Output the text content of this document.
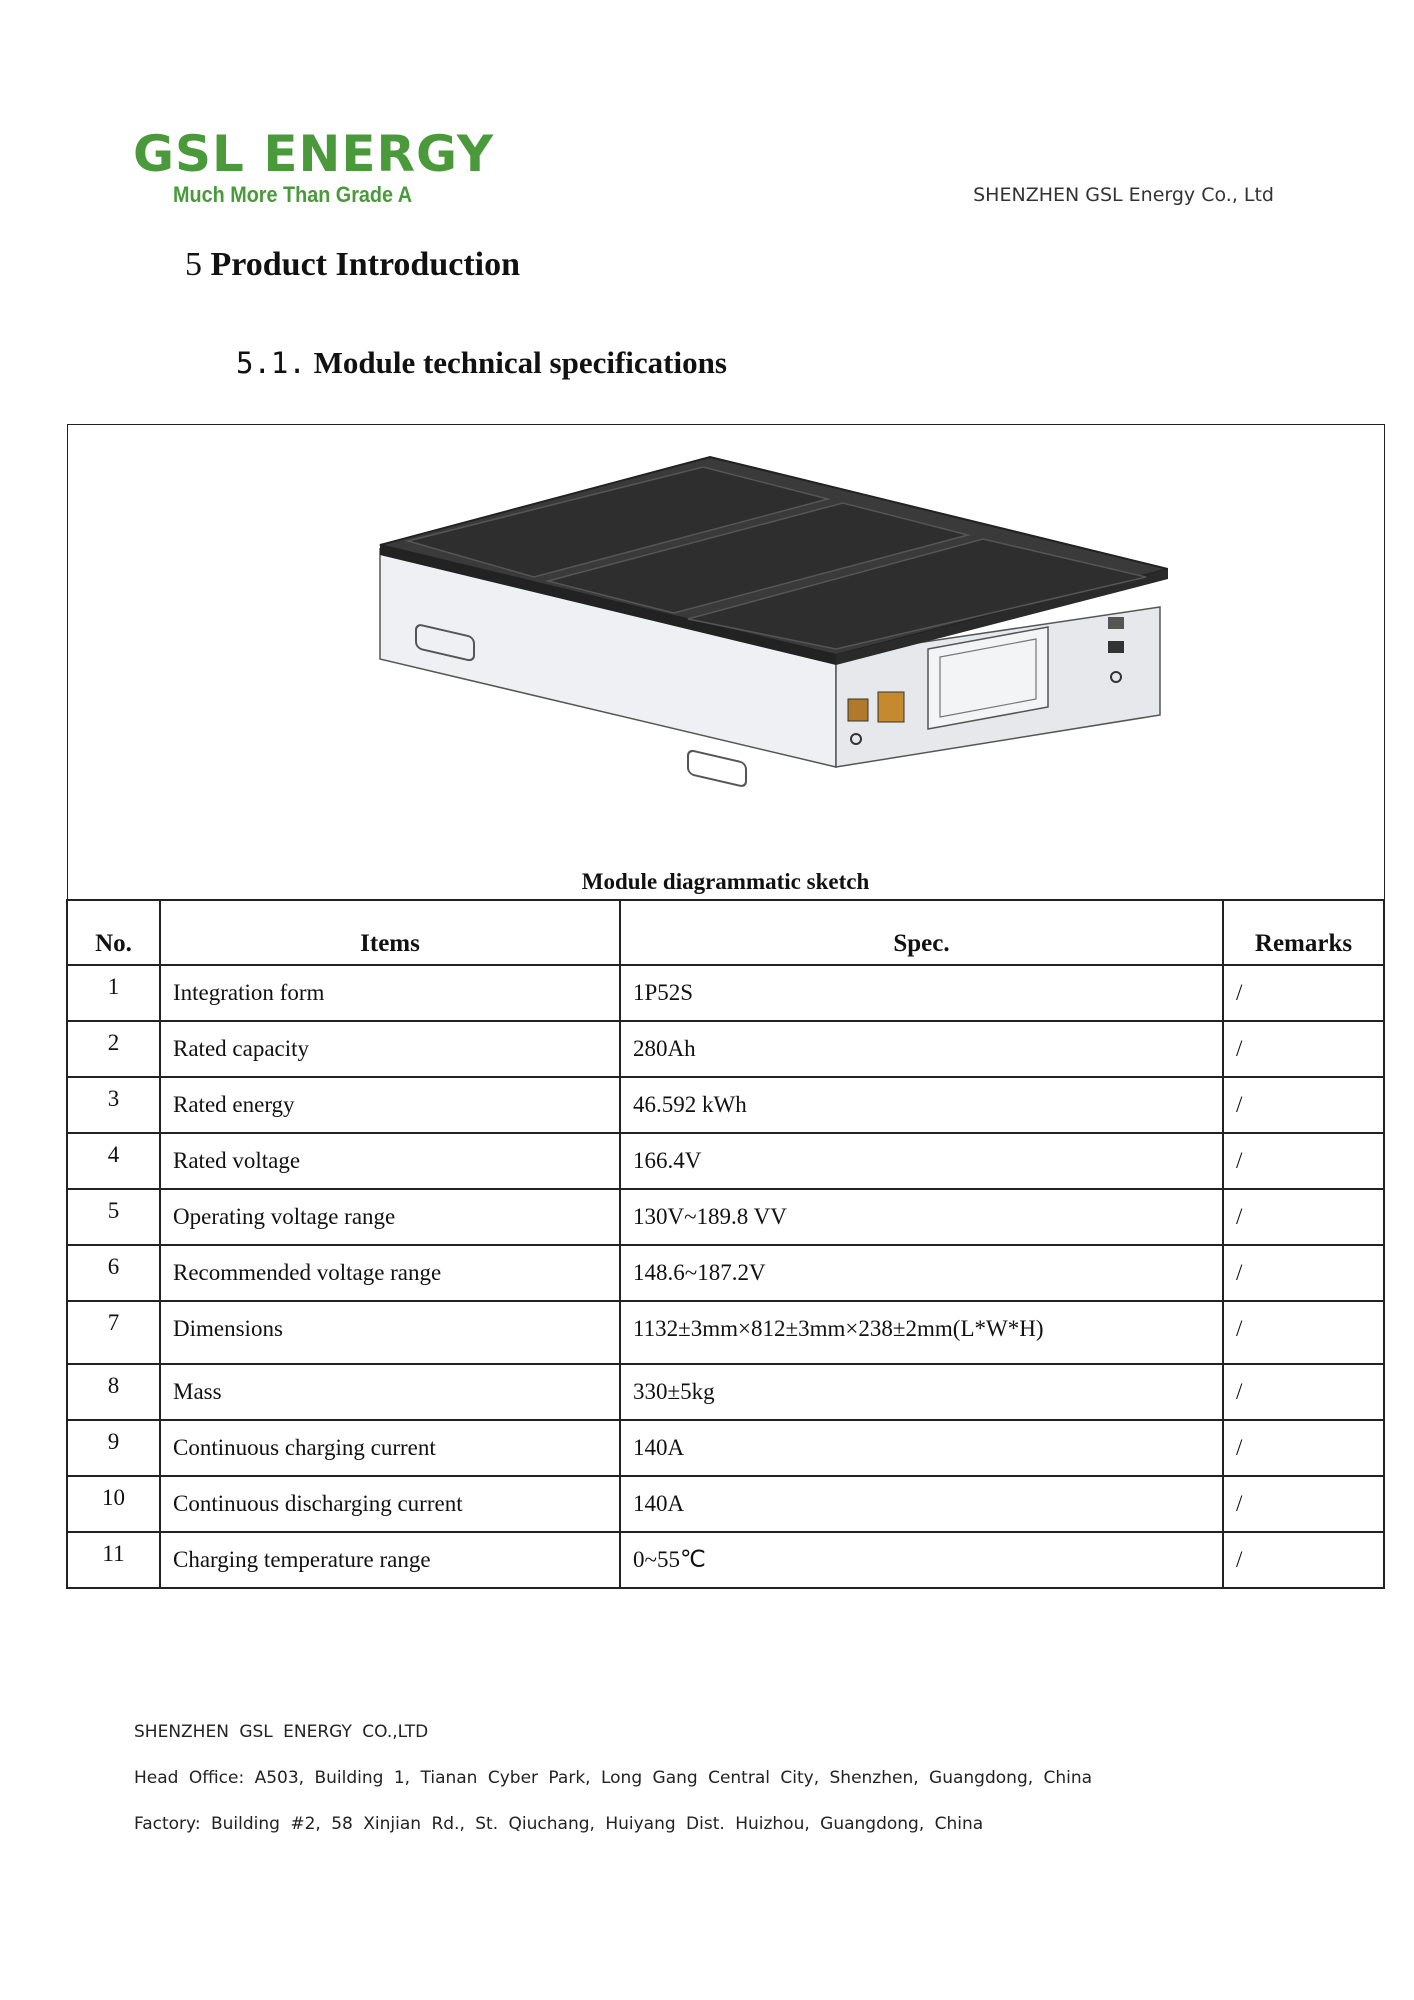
GSL ENERGY
Much More Than Grade A	SHENZHEN GSL Energy Co., Ltd
5 Product Introduction
5.1. Module technical specifications
Module diagrammatic sketch			

No.	Items	Spec.	Remarks
1	Integration form	1P52S	/
2	Rated capacity	280Ah	/
3	Rated energy	46.592 kWh	/
4	Rated voltage	166.4V	/
5	Operating voltage range	130V~189.8 VV	/
6	Recommended voltage range	148.6~187.2V	/
7	Dimensions	1132±3mm×812±3mm×238±2mm(L*W*H)	/
8	Mass	330±5kg	/
9	Continuous charging current	140A	/
10	Continuous discharging current	140A	/
11	Charging temperature range	0~55℃	/
SHENZHEN GSL ENERGY CO.,LTD
Head Office: A503, Building 1, Tianan Cyber Park, Long Gang Central City, Shenzhen, Guangdong, China
Factory: Building #2, 58 Xinjian Rd., St. Qiuchang, Huiyang Dist. Huizhou, Guangdong, China
